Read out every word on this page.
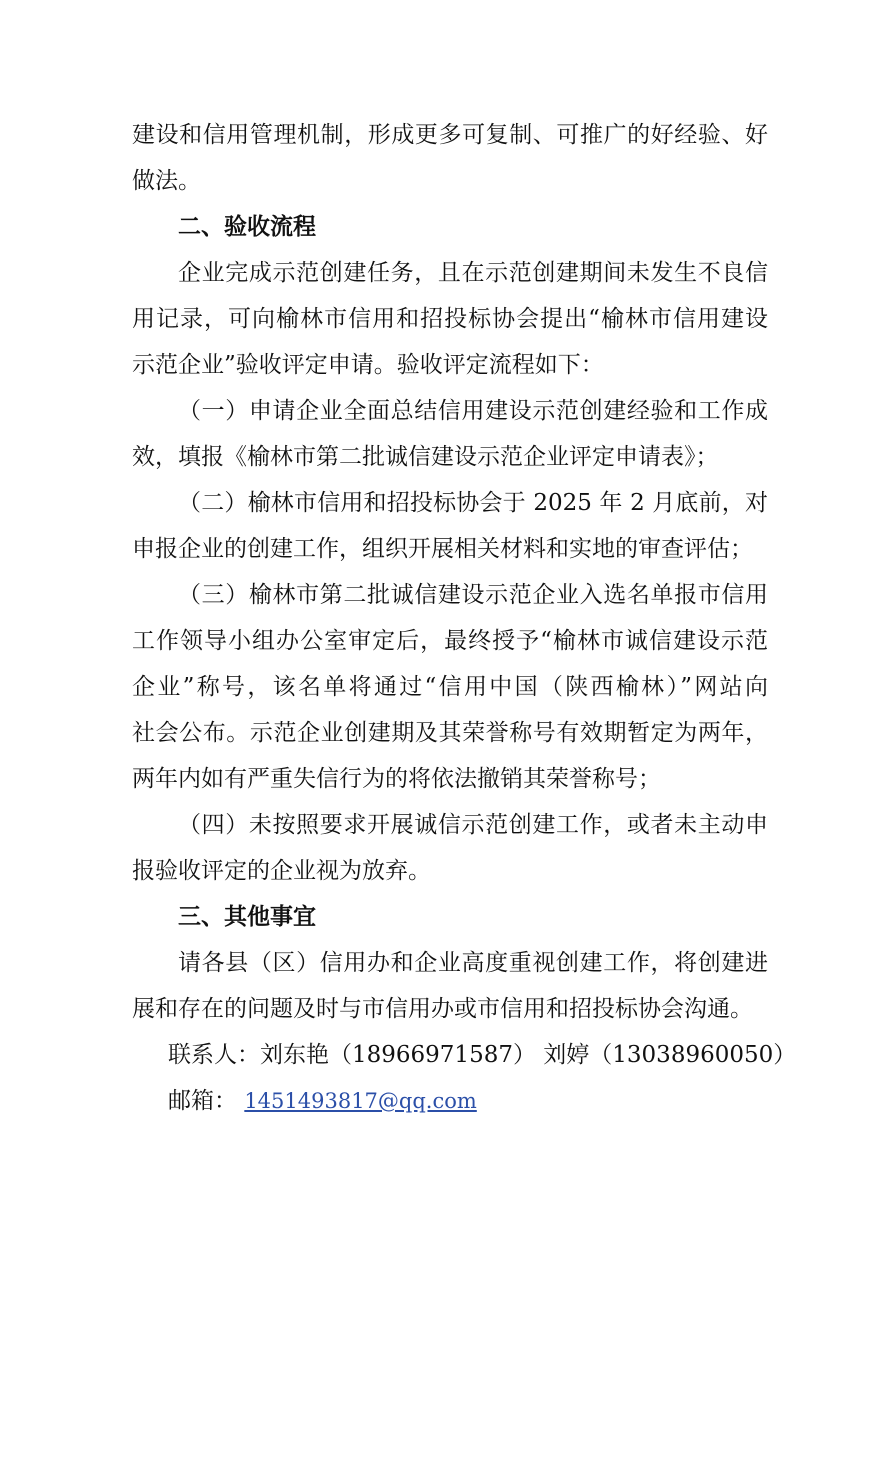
建设和信用管理机制，形成更多可复制、可推广的好经验、好
做法。

二、验收流程

企业完成示范创建任务，且在示范创建期间未发生不良信
用记录，可向榆林市信用和招投标协会提出“榆林市信用建设
示范企业”验收评定申请。验收评定流程如下：

（一）申请企业全面总结信用建设示范创建经验和工作成
效，填报《榆林市第二批诚信建设示范企业评定申请表》；

（二）榆林市信用和招投标协会于 2025 年 2 月底前，对
申报企业的创建工作，组织开展相关材料和实地的审查评估；

（三）榆林市第二批诚信建设示范企业入选名单报市信用
工作领导小组办公室审定后，最终授予“榆林市诚信建设示范
企业”称号，该名单将通过“信用中国（陕西榆林）”网站向
社会公布。示范企业创建期及其荣誉称号有效期暂定为两年，
两年内如有严重失信行为的将依法撤销其荣誉称号；

（四）未按照要求开展诚信示范创建工作，或者未主动申
报验收评定的企业视为放弃。

三、其他事宜

请各县（区）信用办和企业高度重视创建工作，将创建进
展和存在的问题及时与市信用办或市信用和招投标协会沟通。

联系人：刘东艳（18966971587） 刘婷（13038960050）

邮箱： 1451493817@qq.com
